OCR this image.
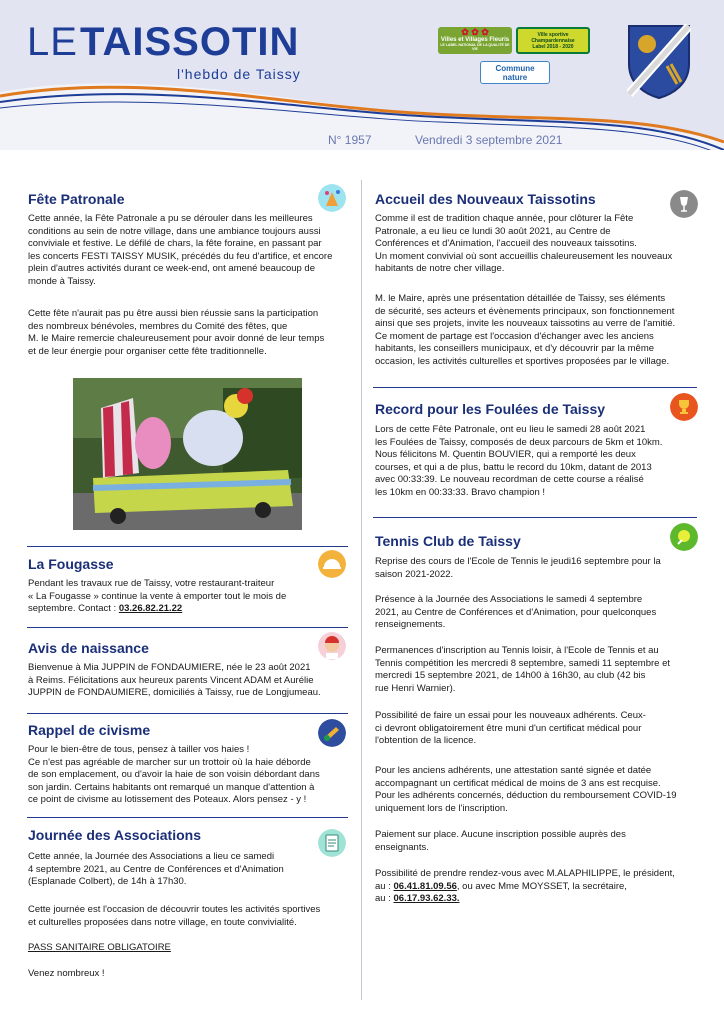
LE TAISSOTIN
l'hebdo de Taissy
✿ ✿ ✿
Villes et Villages Fleuris
LE LABEL NATIONAL DE LA QUALITÉ DE VIE
Ville sportive
Champardennaise
Label 2018 - 2020
Commune
nature
N° 1957	Vendredi 3 septembre 2021
Fête Patronale
Cette année, la Fête Patronale a pu se dérouler dans les meilleures
conditions au sein de notre village, dans une ambiance toujours aussi
conviviale et festive. Le défilé de chars, la fête foraine, en passant par
les concerts FESTI TAISSY MUSIK, précédés du feu d'artifice, et encore
plein d'autres activités durant ce week-end, ont amené beaucoup de
monde à Taissy.
Cette fête n'aurait pas pu être aussi bien réussie sans la participation
des nombreux bénévoles, membres du Comité des fêtes, que
M. le Maire remercie chaleureusement pour avoir donné de leur temps
et de leur énergie pour organiser cette fête traditionnelle.
La Fougasse
Pendant les travaux rue de Taissy, votre restaurant-traiteur
« La Fougasse » continue la vente à emporter tout le mois de
septembre. Contact : 03.26.82.21.22
Avis de naissance
Bienvenue à Mia JUPPIN de FONDAUMIERE, née le 23 août 2021
à Reims. Félicitations aux heureux parents Vincent ADAM et Aurélie
JUPPIN de FONDAUMIERE, domiciliés à Taissy, rue de Longjumeau.
Rappel de civisme
Pour le bien-être de tous, pensez à tailler vos haies !
Ce n'est pas agréable de marcher sur un trottoir où la haie déborde
de son emplacement, ou d'avoir la haie de son voisin débordant dans
son jardin. Certains habitants ont remarqué un manque d'attention à
ce point de civisme au lotissement des Poteaux. Alors pensez - y !
Journée des Associations
Cette année, la Journée des Associations a lieu ce samedi
4 septembre 2021, au Centre de Conférences et d'Animation
(Esplanade Colbert), de 14h à 17h30.
Cette journée est l'occasion de découvrir toutes les activités sportives
et culturelles proposées dans notre village, en toute convivialité.
PASS SANITAIRE OBLIGATOIRE
Venez nombreux !
Accueil des Nouveaux Taissotins
Comme il est de tradition chaque année, pour clôturer la Fête
Patronale, a eu lieu ce lundi 30 août 2021, au Centre de
Conférences et d'Animation, l'accueil des nouveaux taissotins.
Un moment convivial où sont accueillis chaleureusement les nouveaux
habitants de notre cher village.
M. le Maire, après une présentation détaillée de Taissy, ses éléments
de sécurité, ses acteurs et évènements principaux, son fonctionnement
ainsi que ses projets, invite les nouveaux taissotins au verre de l'amitié.
Ce moment de partage est l'occasion d'échanger avec les anciens
habitants, les conseillers municipaux, et d'y découvrir par la même
occasion, les activités culturelles et sportives proposées par le village.
Record pour les Foulées de Taissy
Lors de cette Fête Patronale, ont eu lieu le samedi 28 août 2021
les Foulées de Taissy, composés de deux parcours de 5km et 10km.
Nous félicitons M. Quentin BOUVIER, qui a remporté les deux
courses, et qui a de plus, battu le record du 10km, datant de 2013
avec 00:33:39. Le nouveau recordman de cette course a réalisé
les 10km en 00:33:33. Bravo champion !
Tennis Club de Taissy
Reprise des cours de l'Ecole de Tennis le jeudi16 septembre pour la
saison 2021-2022.
Présence à la Journée des Associations le samedi 4 septembre
2021, au Centre de Conférences et d'Animation, pour quelconques
renseignements.
Permanences d'inscription au Tennis loisir, à l'Ecole de Tennis et au
Tennis compétition les mercredi 8 septembre, samedi 11 septembre et
mercredi 15 septembre 2021, de 14h00 à 16h30, au club (42 bis
rue Henri Warnier).
Possibilité de faire un essai pour les nouveaux adhérents. Ceux-
ci devront obligatoirement être muni d'un certificat médical pour
l'obtention de la licence.
Pour les anciens adhérents, une attestation santé signée et datée
accompagnant un certificat médical de moins de 3 ans est recquise.
Pour les adhérents concernés, déduction du remboursement COVID-19
uniquement lors de l'inscription.
Paiement sur place. Aucune inscription possible auprès des
enseignants.
Possibilité de prendre rendez-vous avec M.ALAPHILIPPE, le président,
au : 06.41.81.09.56, ou avec Mme MOYSSET, la secrétaire,
au : 06.17.93.62.33.
